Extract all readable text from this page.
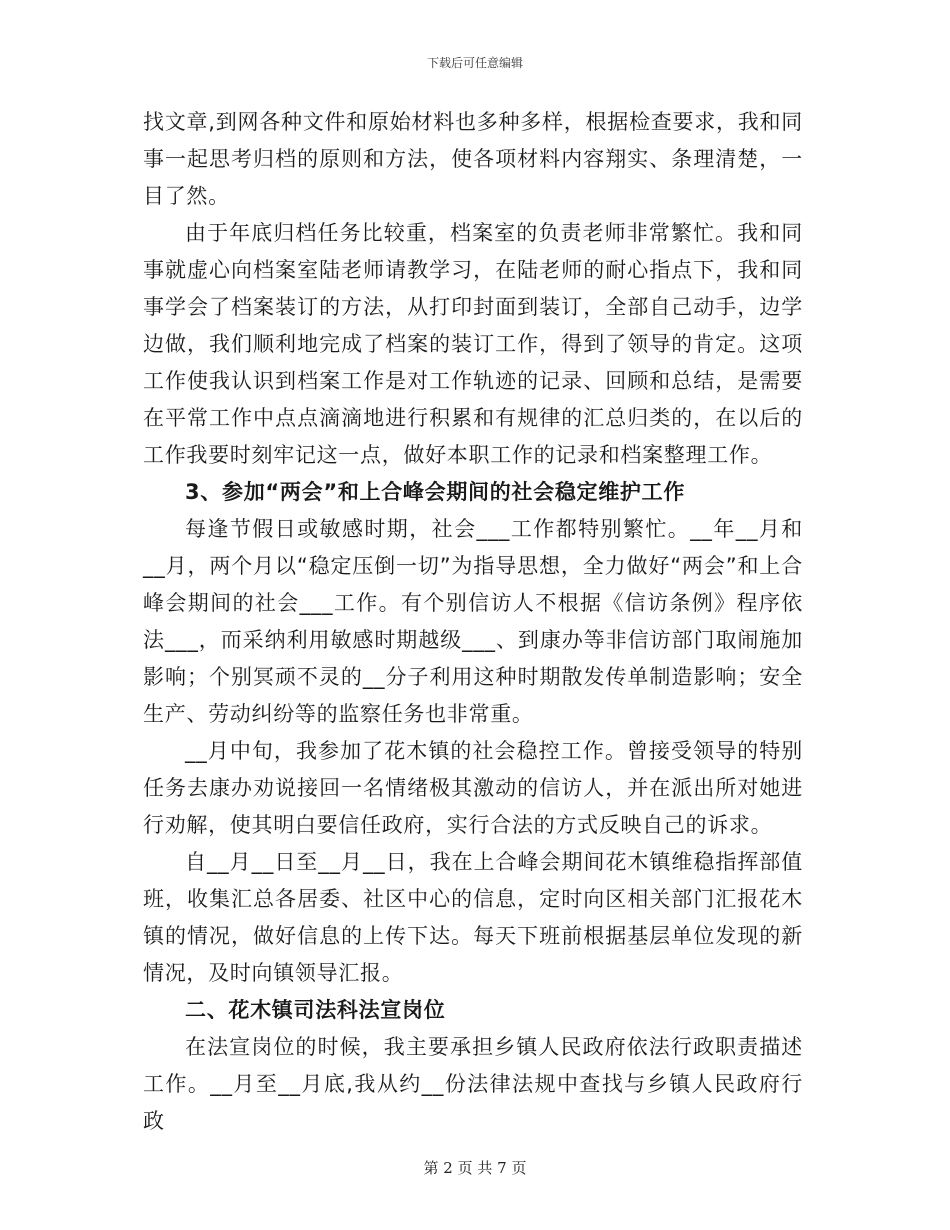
下载后可任意编辑

找文章,到网各种文件和原始材料也多种多样，根据检查要求，我和同事一起思考归档的原则和方法，使各项材料内容翔实、条理清楚，一目了然。

由于年底归档任务比较重，档案室的负责老师非常繁忙。我和同事就虚心向档案室陆老师请教学习，在陆老师的耐心指点下，我和同事学会了档案装订的方法，从打印封面到装订，全部自己动手，边学边做，我们顺利地完成了档案的装订工作，得到了领导的肯定。这项工作使我认识到档案工作是对工作轨迹的记录、回顾和总结，是需要在平常工作中点点滴滴地进行积累和有规律的汇总归类的，在以后的工作我要时刻牢记这一点，做好本职工作的记录和档案整理工作。

3、参加“两会”和上合峰会期间的社会稳定维护工作

每逢节假日或敏感时期，社会___工作都特别繁忙。__年__月和__月，两个月以“稳定压倒一切”为指导思想，全力做好“两会”和上合峰会期间的社会___工作。有个别信访人不根据《信访条例》程序依法___，而采纳利用敏感时期越级___、到康办等非信访部门取闹施加影响；个别冥顽不灵的__分子利用这种时期散发传单制造影响；安全生产、劳动纠纷等的监察任务也非常重。

__月中旬，我参加了花木镇的社会稳控工作。曾接受领导的特别任务去康办劝说接回一名情绪极其激动的信访人，并在派出所对她进行劝解，使其明白要信任政府，实行合法的方式反映自己的诉求。

自__月__日至__月__日，我在上合峰会期间花木镇维稳指挥部值班，收集汇总各居委、社区中心的信息，定时向区相关部门汇报花木镇的情况，做好信息的上传下达。每天下班前根据基层单位发现的新情况，及时向镇领导汇报。

二、花木镇司法科法宣岗位

在法宣岗位的时候，我主要承担乡镇人民政府依法行政职责描述工作。__月至__月底,我从约__份法律法规中查找与乡镇人民政府行政

第 2 页 共 7 页
